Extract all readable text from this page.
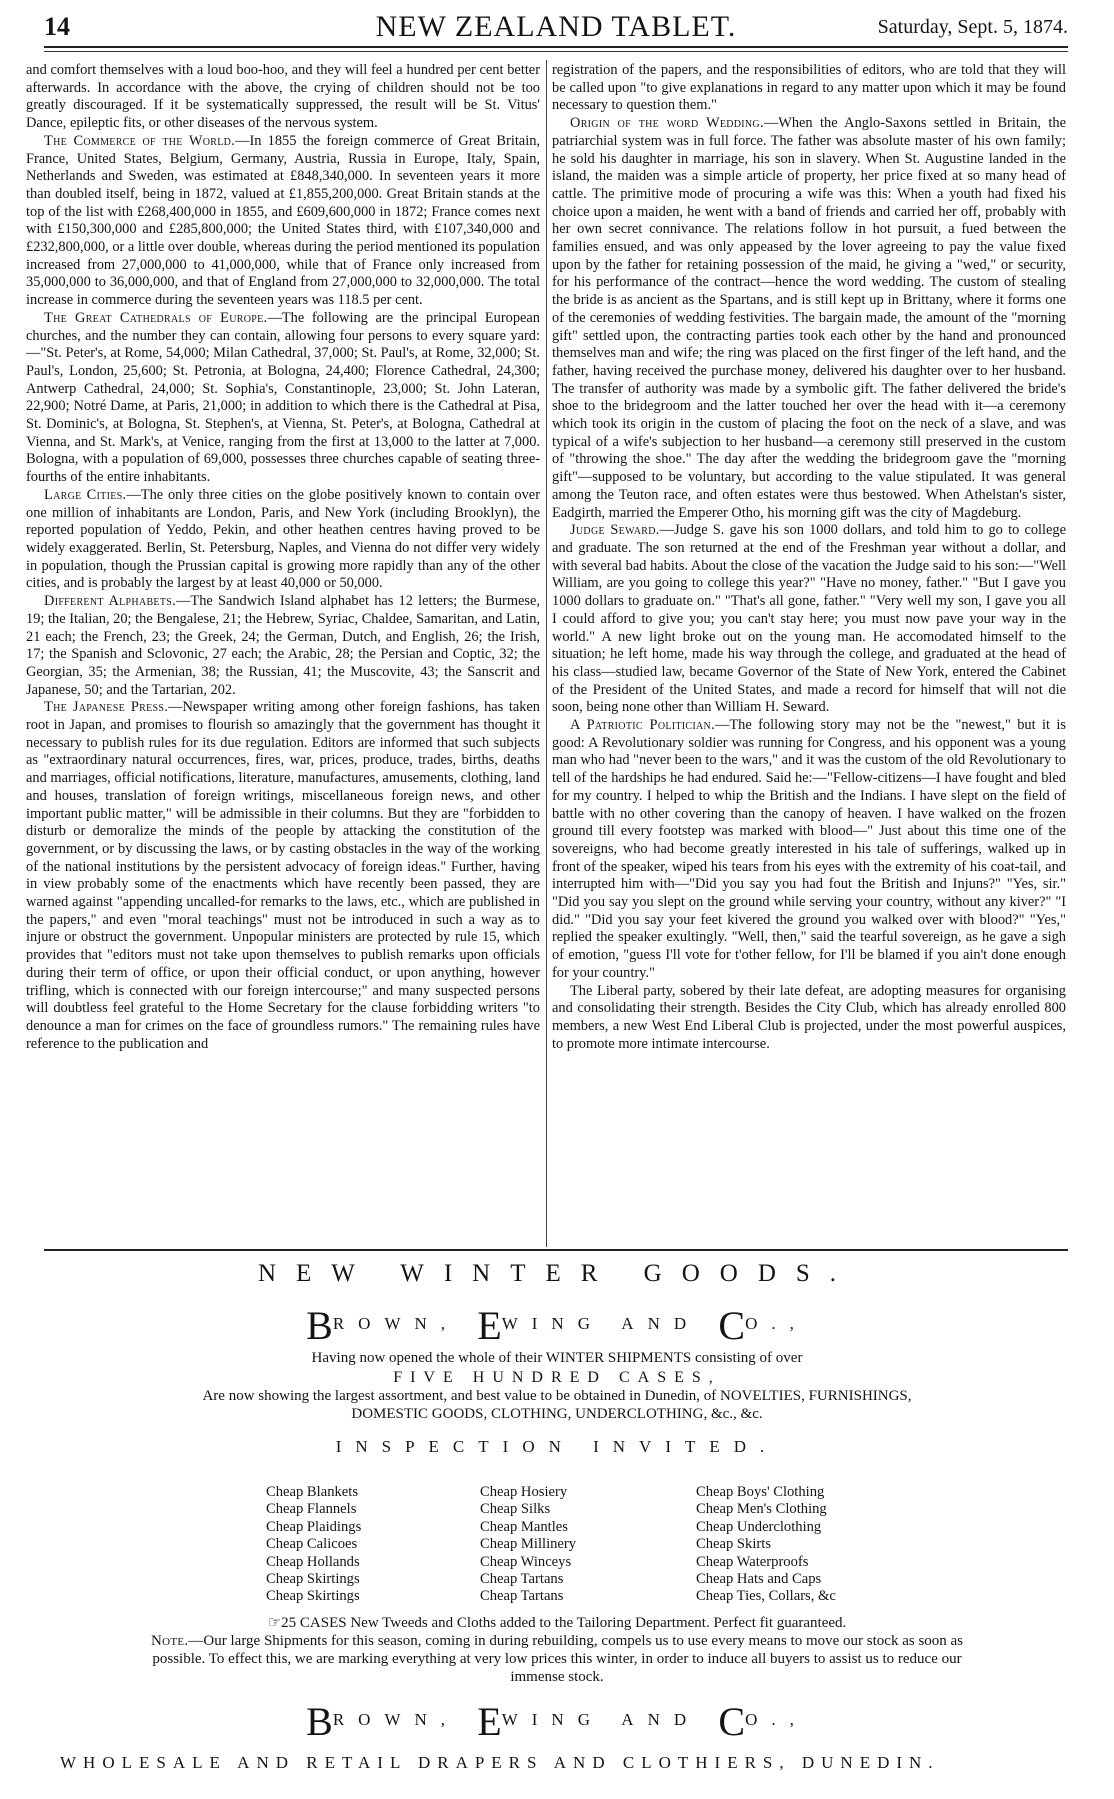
14	NEW ZEALAND TABLET.	Saturday, Sept. 5, 1874.

and comfort themselves with a loud boo-hoo, and they will feel a hundred per cent better afterwards. In accordance with the above, the crying of children should not be too greatly discouraged. If it be systematically suppressed, the result will be St. Vitus' Dance, epileptic fits, or other diseases of the nervous system.

The Commerce of the World.—In 1855 the foreign commerce of Great Britain, France, United States, Belgium, Germany, Austria, Russia in Europe, Italy, Spain, Netherlands and Sweden, was estimated at £848,340,000. In seventeen years it more than doubled itself, being in 1872, valued at £1,855,200,000. Great Britain stands at the top of the list with £268,400,000 in 1855, and £609,600,000 in 1872; France comes next with £150,300,000 and £285,800,000; the United States third, with £107,340,000 and £232,800,000, or a little over double, whereas during the period mentioned its population increased from 27,000,000 to 41,000,000, while that of France only increased from 35,000,000 to 36,000,000, and that of England from 27,000,000 to 32,000,000. The total increase in commerce during the seventeen years was 118.5 per cent.

The Great Cathedrals of Europe.—The following are the principal European churches, and the number they can contain, allowing four persons to every square yard:—"St. Peter's, at Rome, 54,000; Milan Cathedral, 37,000; St. Paul's, at Rome, 32,000; St. Paul's, London, 25,600; St. Petronia, at Bologna, 24,400; Florence Cathedral, 24,300; Antwerp Cathedral, 24,000; St. Sophia's, Constantinople, 23,000; St. John Lateran, 22,900; Notré Dame, at Paris, 21,000; in addition to which there is the Cathedral at Pisa, St. Dominic's, at Bologna, St. Stephen's, at Vienna, St. Peter's, at Bologna, Cathedral at Vienna, and St. Mark's, at Venice, ranging from the first at 13,000 to the latter at 7,000. Bologna, with a population of 69,000, possesses three churches capable of seating three-fourths of the entire inhabitants.

Large Cities.—The only three cities on the globe positively known to contain over one million of inhabitants are London, Paris, and New York (including Brooklyn), the reported population of Yeddo, Pekin, and other heathen centres having proved to be widely exaggerated. Berlin, St. Petersburg, Naples, and Vienna do not differ very widely in population, though the Prussian capital is growing more rapidly than any of the other cities, and is probably the largest by at least 40,000 or 50,000.

Different Alphabets.—The Sandwich Island alphabet has 12 letters; the Burmese, 19; the Italian, 20; the Bengalese, 21; the Hebrew, Syriac, Chaldee, Samaritan, and Latin, 21 each; the French, 23; the Greek, 24; the German, Dutch, and English, 26; the Irish, 17; the Spanish and Sclovonic, 27 each; the Arabic, 28; the Persian and Coptic, 32; the Georgian, 35; the Armenian, 38; the Russian, 41; the Muscovite, 43; the Sanscrit and Japanese, 50; and the Tartarian, 202.

The Japanese Press.—Newspaper writing among other foreign fashions, has taken root in Japan, and promises to flourish so amazingly that the government has thought it necessary to publish rules for its due regulation. Editors are informed that such subjects as "extraordinary natural occurrences, fires, war, prices, produce, trades, births, deaths and marriages, official notifications, literature, manufactures, amusements, clothing, land and houses, translation of foreign writings, miscellaneous foreign news, and other important public matter," will be admissible in their columns. But they are "forbidden to disturb or demoralize the minds of the people by attacking the constitution of the government, or by discussing the laws, or by casting obstacles in the way of the working of the national institutions by the persistent advocacy of foreign ideas." Further, having in view probably some of the enactments which have recently been passed, they are warned against "appending uncalled-for remarks to the laws, etc., which are published in the papers," and even "moral teachings" must not be introduced in such a way as to injure or obstruct the government. Unpopular ministers are protected by rule 15, which provides that "editors must not take upon themselves to publish remarks upon officials during their term of office, or upon their official conduct, or upon anything, however trifling, which is connected with our foreign intercourse;" and many suspected persons will doubtless feel grateful to the Home Secretary for the clause forbidding writers "to denounce a man for crimes on the face of groundless rumors." The remaining rules have reference to the publication and

registration of the papers, and the responsibilities of editors, who are told that they will be called upon "to give explanations in regard to any matter upon which it may be found necessary to question them."

Origin of the word Wedding.—When the Anglo-Saxons settled in Britain, the patriarchial system was in full force. The father was absolute master of his own family; he sold his daughter in marriage, his son in slavery. When St. Augustine landed in the island, the maiden was a simple article of property, her price fixed at so many head of cattle. The primitive mode of procuring a wife was this: When a youth had fixed his choice upon a maiden, he went with a band of friends and carried her off, probably with her own secret connivance. The relations follow in hot pursuit, a fued between the families ensued, and was only appeased by the lover agreeing to pay the value fixed upon by the father for retaining possession of the maid, he giving a "wed," or security, for his performance of the contract—hence the word wedding. The custom of stealing the bride is as ancient as the Spartans, and is still kept up in Brittany, where it forms one of the ceremonies of wedding festivities. The bargain made, the amount of the "morning gift" settled upon, the contracting parties took each other by the hand and pronounced themselves man and wife; the ring was placed on the first finger of the left hand, and the father, having received the purchase money, delivered his daughter over to her husband. The transfer of authority was made by a symbolic gift. The father delivered the bride's shoe to the bridegroom and the latter touched her over the head with it—a ceremony which took its origin in the custom of placing the foot on the neck of a slave, and was typical of a wife's subjection to her husband—a ceremony still preserved in the custom of "throwing the shoe." The day after the wedding the bridegroom gave the "morning gift"—supposed to be voluntary, but according to the value stipulated. It was general among the Teuton race, and often estates were thus bestowed. When Athelstan's sister, Eadgirth, married the Emperer Otho, his morning gift was the city of Magdeburg.

Judge Seward.—Judge S. gave his son 1000 dollars, and told him to go to college and graduate. The son returned at the end of the Freshman year without a dollar, and with several bad habits. About the close of the vacation the Judge said to his son:—"Well William, are you going to college this year?" "Have no money, father." "But I gave you 1000 dollars to graduate on." "That's all gone, father." "Very well my son, I gave you all I could afford to give you; you can't stay here; you must now pave your way in the world." A new light broke out on the young man. He accomodated himself to the situation; he left home, made his way through the college, and graduated at the head of his class—studied law, became Governor of the State of New York, entered the Cabinet of the President of the United States, and made a record for himself that will not die soon, being none other than William H. Seward.

A Patriotic Politician.—The following story may not be the "newest," but it is good: A Revolutionary soldier was running for Congress, and his opponent was a young man who had "never been to the wars," and it was the custom of the old Revolutionary to tell of the hardships he had endured. Said he:—"Fellow-citizens—I have fought and bled for my country. I helped to whip the British and the Indians. I have slept on the field of battle with no other covering than the canopy of heaven. I have walked on the frozen ground till every footstep was marked with blood—" Just about this time one of the sovereigns, who had become greatly interested in his tale of sufferings, walked up in front of the speaker, wiped his tears from his eyes with the extremity of his coat-tail, and interrupted him with—"Did you say you had fout the British and Injuns?" "Yes, sir." "Did you say you slept on the ground while serving your country, without any kiver?" "I did." "Did you say your feet kivered the ground you walked over with blood?" "Yes," replied the speaker exultingly. "Well, then," said the tearful sovereign, as he gave a sigh of emotion, "guess I'll vote for t'other fellow, for I'll be blamed if you ain't done enough for your country."

The Liberal party, sobered by their late defeat, are adopting measures for organising and consolidating their strength. Besides the City Club, which has already enrolled 800 members, a new West End Liberal Club is projected, under the most powerful auspices, to promote more intimate intercourse.

NEW WINTER GOODS.
BROWN, EWING AND CO.,
Having now opened the whole of their WINTER SHIPMENTS consisting of over
FIVE HUNDRED CASES,
Are now showing the largest assortment, and best value to be obtained in Dunedin, of NOVELTIES, FURNISHINGS,
DOMESTIC GOODS, CLOTHING, UNDERCLOTHING, &c., &c.
INSPECTION INVITED.
Cheap Blankets
Cheap Flannels
Cheap Plaidings
Cheap Calicoes
Cheap Hollands
Cheap Skirtings
Cheap Skirtings
Cheap Hosiery
Cheap Silks
Cheap Mantles
Cheap Millinery
Cheap Winceys
Cheap Tartans
Cheap Tartans
Cheap Boys' Clothing
Cheap Men's Clothing
Cheap Underclothing
Cheap Skirts
Cheap Waterproofs
Cheap Hats and Caps
Cheap Ties, Collars, &c
☞25 CASES New Tweeds and Cloths added to the Tailoring Department. Perfect fit guaranteed.
Note.—Our large Shipments for this season, coming in during rebuilding, compels us to use every means to move our stock as soon as possible. To effect this, we are marking everything at very low prices this winter, in order to induce all buyers to assist us to reduce our immense stock.
BROWN, EWING AND CO.,
WHOLESALE AND RETAIL DRAPERS AND CLOTHIERS, DUNEDIN.
